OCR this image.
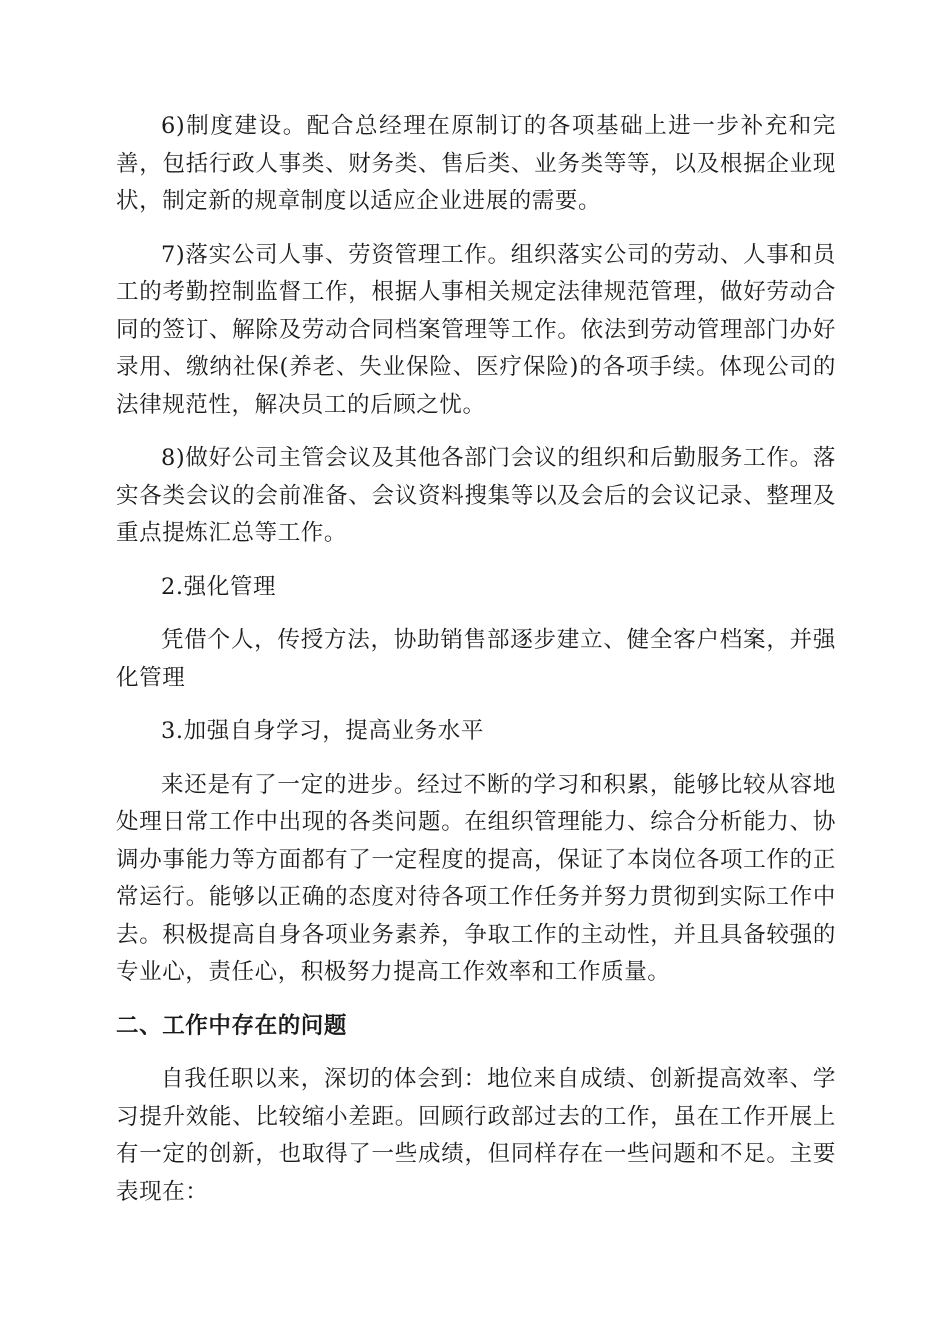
6)制度建设。配合总经理在原制订的各项基础上进一步补充和完善，包括行政人事类、财务类、售后类、业务类等等，以及根据企业现状，制定新的规章制度以适应企业进展的需要。

7)落实公司人事、劳资管理工作。组织落实公司的劳动、人事和员工的考勤控制监督工作，根据人事相关规定法律规范管理，做好劳动合同的签订、解除及劳动合同档案管理等工作。依法到劳动管理部门办好录用、缴纳社保(养老、失业保险、医疗保险)的各项手续。体现公司的法律规范性，解决员工的后顾之忧。

8)做好公司主管会议及其他各部门会议的组织和后勤服务工作。落实各类会议的会前准备、会议资料搜集等以及会后的会议记录、整理及重点提炼汇总等工作。

2.强化管理

凭借个人，传授方法，协助销售部逐步建立、健全客户档案，并强化管理

3.加强自身学习，提高业务水平

来还是有了一定的进步。经过不断的学习和积累，能够比较从容地处理日常工作中出现的各类问题。在组织管理能力、综合分析能力、协调办事能力等方面都有了一定程度的提高，保证了本岗位各项工作的正常运行。能够以正确的态度对待各项工作任务并努力贯彻到实际工作中去。积极提高自身各项业务素养，争取工作的主动性，并且具备较强的专业心，责任心，积极努力提高工作效率和工作质量。

二、工作中存在的问题

自我任职以来，深切的体会到：地位来自成绩、创新提高效率、学习提升效能、比较缩小差距。回顾行政部过去的工作，虽在工作开展上有一定的创新，也取得了一些成绩，但同样存在一些问题和不足。主要表现在：
